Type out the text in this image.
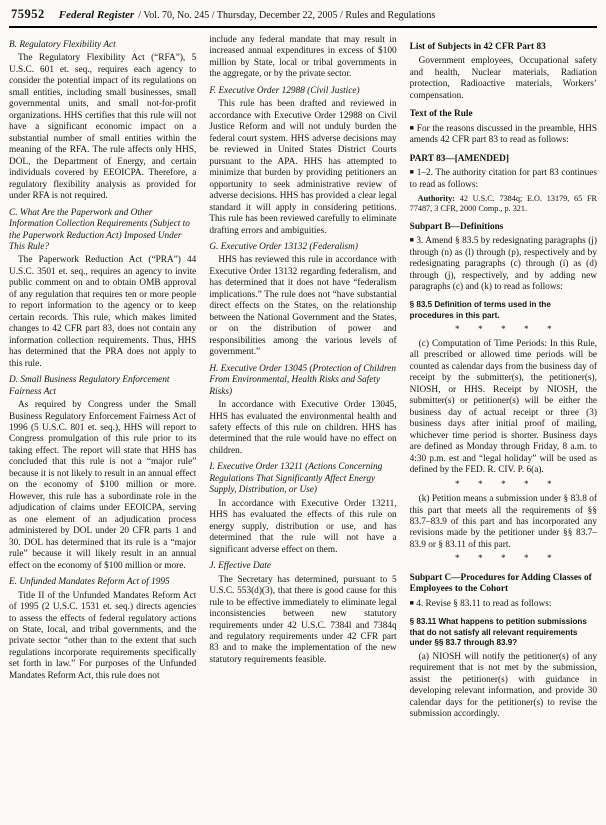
75952 Federal Register / Vol. 70, No. 245 / Thursday, December 22, 2005 / Rules and Regulations
B. Regulatory Flexibility Act
The Regulatory Flexibility Act (“RFA”), 5 U.S.C. 601 et. seq., requires each agency to consider the potential impact of its regulations on small entities, including small businesses, small governmental units, and small not-for-profit organizations. HHS certifies that this rule will not have a significant economic impact on a substantial number of small entities within the meaning of the RFA. The rule affects only HHS, DOL, the Department of Energy, and certain individuals covered by EEOICPA. Therefore, a regulatory flexibility analysis as provided for under RFA is not required.
C. What Are the Paperwork and Other Information Collection Requirements (Subject to the Paperwork Reduction Act) Imposed Under This Rule?
The Paperwork Reduction Act (“PRA”) 44 U.S.C. 3501 et. seq., requires an agency to invite public comment on and to obtain OMB approval of any regulation that requires ten or more people to report information to the agency or to keep certain records. This rule, which makes limited changes to 42 CFR part 83, does not contain any information collection requirements. Thus, HHS has determined that the PRA does not apply to this rule.
D. Small Business Regulatory Enforcement Fairness Act
As required by Congress under the Small Business Regulatory Enforcement Fairness Act of 1996 (5 U.S.C. 801 et. seq.), HHS will report to Congress promulgation of this rule prior to its taking effect. The report will state that HHS has concluded that this rule is not a “major rule” because it is not likely to result in an annual effect on the economy of $100 million or more. However, this rule has a subordinate role in the adjudication of claims under EEOICPA, serving as one element of an adjudication process administered by DOL under 20 CFR parts 1 and 30. DOL has determined that its rule is a “major rule” because it will likely result in an annual effect on the economy of $100 million or more.
E. Unfunded Mandates Reform Act of 1995
Title II of the Unfunded Mandates Reform Act of 1995 (2 U.S.C. 1531 et. seq.) directs agencies to assess the effects of federal regulatory actions on State, local, and tribal governments, and the private sector “other than to the extent that such regulations incorporate requirements specifically set forth in law.” For purposes of the Unfunded Mandates Reform Act, this rule does not
include any federal mandate that may result in increased annual expenditures in excess of $100 million by State, local or tribal governments in the aggregate, or by the private sector.
F. Executive Order 12988 (Civil Justice)
This rule has been drafted and reviewed in accordance with Executive Order 12988 on Civil Justice Reform and will not unduly burden the federal court system. HHS adverse decisions may be reviewed in United States District Courts pursuant to the APA. HHS has attempted to minimize that burden by providing petitioners an opportunity to seek administrative review of adverse decisions. HHS has provided a clear legal standard it will apply in considering petitions. This rule has been reviewed carefully to eliminate drafting errors and ambiguities.
G. Executive Order 13132 (Federalism)
HHS has reviewed this rule in accordance with Executive Order 13132 regarding federalism, and has determined that it does not have “federalism implications.” The rule does not “have substantial direct effects on the States, on the relationship between the National Government and the States, or on the distribution of power and responsibilities among the various levels of government.”
H. Executive Order 13045 (Protection of Children From Environmental, Health Risks and Safety Risks)
In accordance with Executive Order 13045, HHS has evaluated the environmental health and safety effects of this rule on children. HHS has determined that the rule would have no effect on children.
I. Executive Order 13211 (Actions Concerning Regulations That Significantly Affect Energy Supply, Distribution, or Use)
In accordance with Executive Order 13211, HHS has evaluated the effects of this rule on energy supply, distribution or use, and has determined that the rule will not have a significant adverse effect on them.
J. Effective Date
The Secretary has determined, pursuant to 5 U.S.C. 553(d)(3), that there is good cause for this rule to be effective immediately to eliminate legal inconsistencies between new statutory requirements under 42 U.S.C. 7384l and 7384q and regulatory requirements under 42 CFR part 83 and to make the implementation of the new statutory requirements feasible.
List of Subjects in 42 CFR Part 83
Government employees, Occupational safety and health, Nuclear materials, Radiation protection, Radioactive materials, Workers’ compensation.
Text of the Rule
■ For the reasons discussed in the preamble, HHS amends 42 CFR part 83 to read as follows:
PART 83—[AMENDED]
■ 1–2. The authority citation for part 83 continues to read as follows:
Authority: 42 U.S.C. 7384q; E.O. 13179, 65 FR 77487, 3 CFR, 2000 Comp., p. 321.
Subpart B—Definitions
■ 3. Amend § 83.5 by redesignating paragraphs (j) through (n) as (l) through (p), respectively and by redesignating paragraphs (c) through (i) as (d) through (j), respectively, and by adding new paragraphs (c) and (k) to read as follows:
§ 83.5 Definition of terms used in the procedures in this part.
* * * * *
(c) Computation of Time Periods: In this Rule, all prescribed or allowed time periods will be counted as calendar days from the business day of receipt by the submitter(s), the petitioner(s), NIOSH, or HHS. Receipt by NIOSH, the submitter(s) or petitioner(s) will be either the business day of actual receipt or three (3) business days after initial proof of mailing, whichever time period is shorter. Business days are defined as Monday through Friday, 8 a.m. to 4:30 p.m. est and “legal holiday” will be used as defined by the FED. R. CIV. P. 6(a).
* * * * *
(k) Petition means a submission under § 83.8 of this part that meets all the requirements of §§ 83.7–83.9 of this part and has incorporated any revisions made by the petitioner under §§ 83.7–83.9 or § 83.11 of this part.
* * * * *
Subpart C—Procedures for Adding Classes of Employees to the Cohort
■ 4. Revise § 83.11 to read as follows:
§ 83.11 What happens to petition submissions that do not satisfy all relevant requirements under §§ 83.7 through 83.9?
(a) NIOSH will notify the petitioner(s) of any requirement that is not met by the submission, assist the petitioner(s) with guidance in developing relevant information, and provide 30 calendar days for the petitioner(s) to revise the submission accordingly.
